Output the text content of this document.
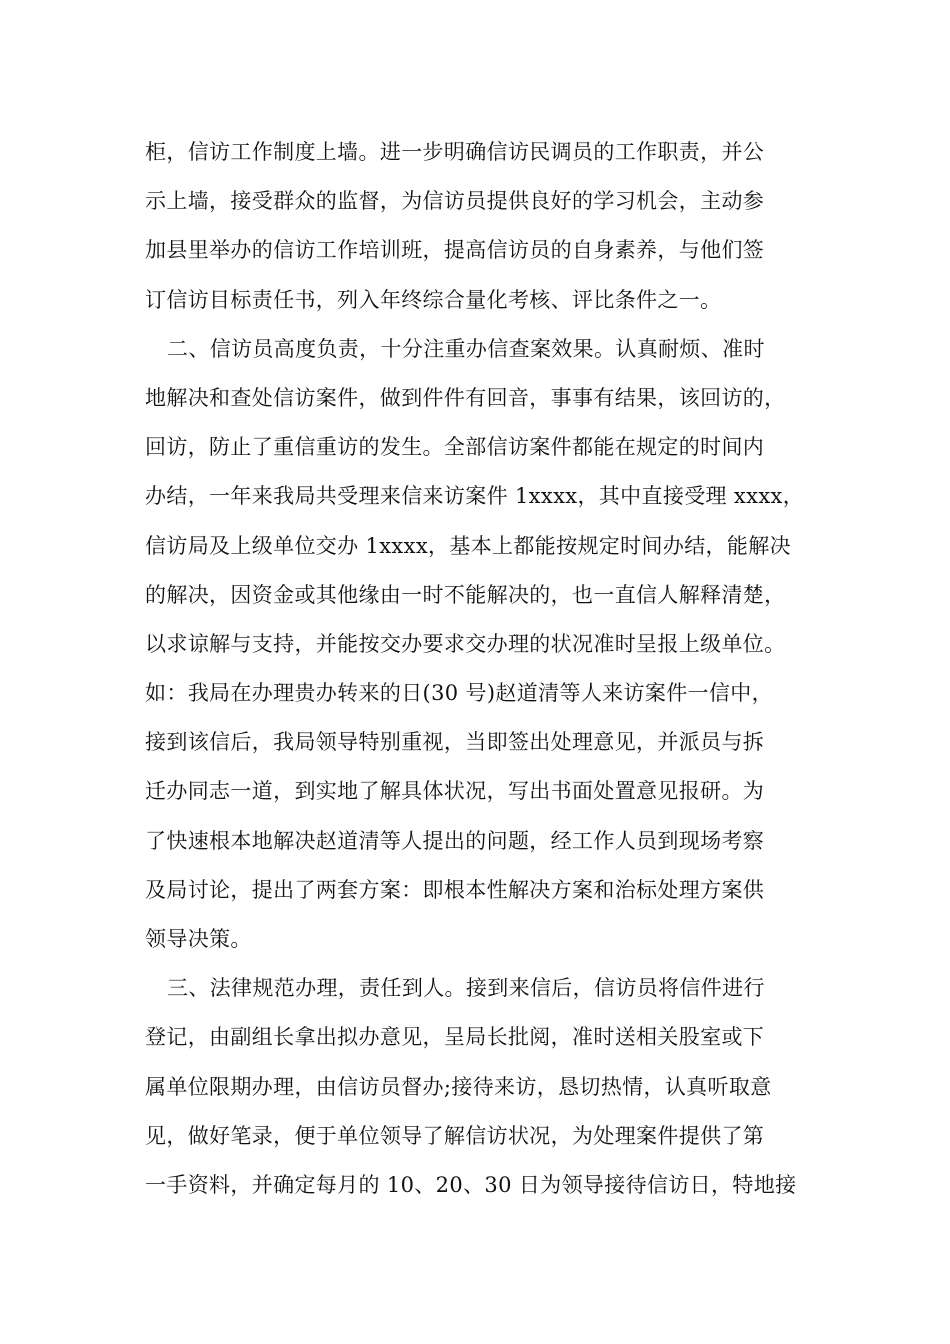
柜，信访工作制度上墙。进一步明确信访民调员的工作职责，并公
示上墙，接受群众的监督，为信访员提供良好的学习机会，主动参
加县里举办的信访工作培训班，提高信访员的自身素养，与他们签
订信访目标责任书，列入年终综合量化考核、评比条件之一。
二、信访员高度负责，十分注重办信查案效果。认真耐烦、准时
地解决和查处信访案件，做到件件有回音，事事有结果，该回访的，
回访，防止了重信重访的发生。全部信访案件都能在规定的时间内
办结，一年来我局共受理来信来访案件 1xxxx，其中直接受理 xxxx，
信访局及上级单位交办 1xxxx，基本上都能按规定时间办结，能解决
的解决，因资金或其他缘由一时不能解决的，也一直信人解释清楚，
以求谅解与支持，并能按交办要求交办理的状况准时呈报上级单位。
如：我局在办理贵办转来的日(30 号)赵道清等人来访案件一信中，
接到该信后，我局领导特别重视，当即签出处理意见，并派员与拆
迁办同志一道，到实地了解具体状况，写出书面处置意见报研。为
了快速根本地解决赵道清等人提出的问题，经工作人员到现场考察
及局讨论，提出了两套方案：即根本性解决方案和治标处理方案供
领导决策。
三、法律规范办理，责任到人。接到来信后，信访员将信件进行
登记，由副组长拿出拟办意见，呈局长批阅，准时送相关股室或下
属单位限期办理，由信访员督办;接待来访，恳切热情，认真听取意
见，做好笔录，便于单位领导了解信访状况，为处理案件提供了第
一手资料，并确定每月的 10、20、30 日为领导接待信访日，特地接
